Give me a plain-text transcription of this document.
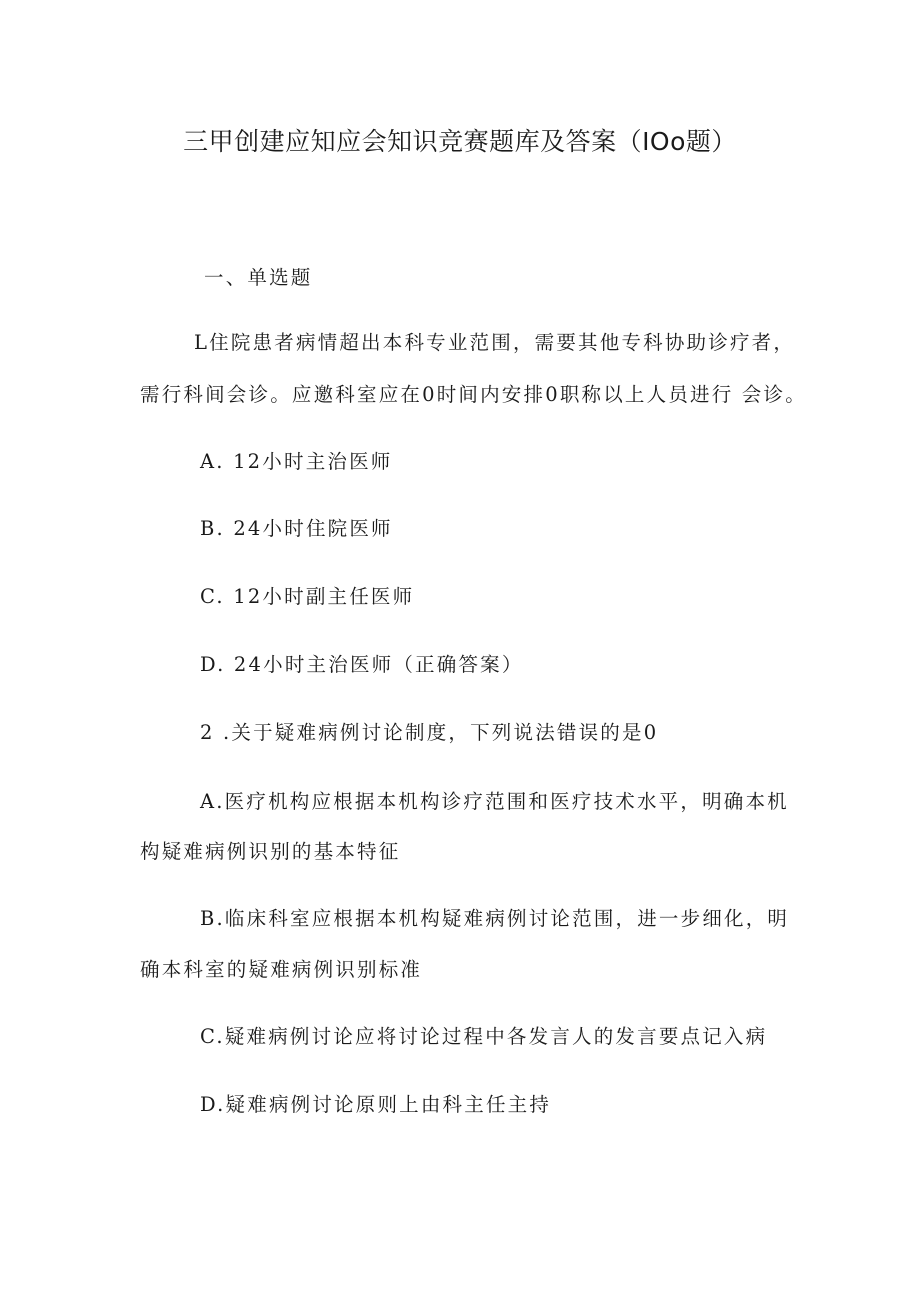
三甲创建应知应会知识竞赛题库及答案（IOo题）
一、单选题
L住院患者病情超出本科专业范围，需要其他专科协助诊疗者，
需行科间会诊。应邀科室应在0时间内安排0职称以上人员进行 会诊。
A. 12小时主治医师
B. 24小时住院医师
C. 12小时副主任医师
D. 24小时主治医师（正确答案）
2 .关于疑难病例讨论制度，下列说法错误的是0
A.医疗机构应根据本机构诊疗范围和医疗技术水平，明确本机
构疑难病例识别的基本特征
B.临床科室应根据本机构疑难病例讨论范围，进一步细化，明
确本科室的疑难病例识别标准
C.疑难病例讨论应将讨论过程中各发言人的发言要点记入病
D.疑难病例讨论原则上由科主任主持
